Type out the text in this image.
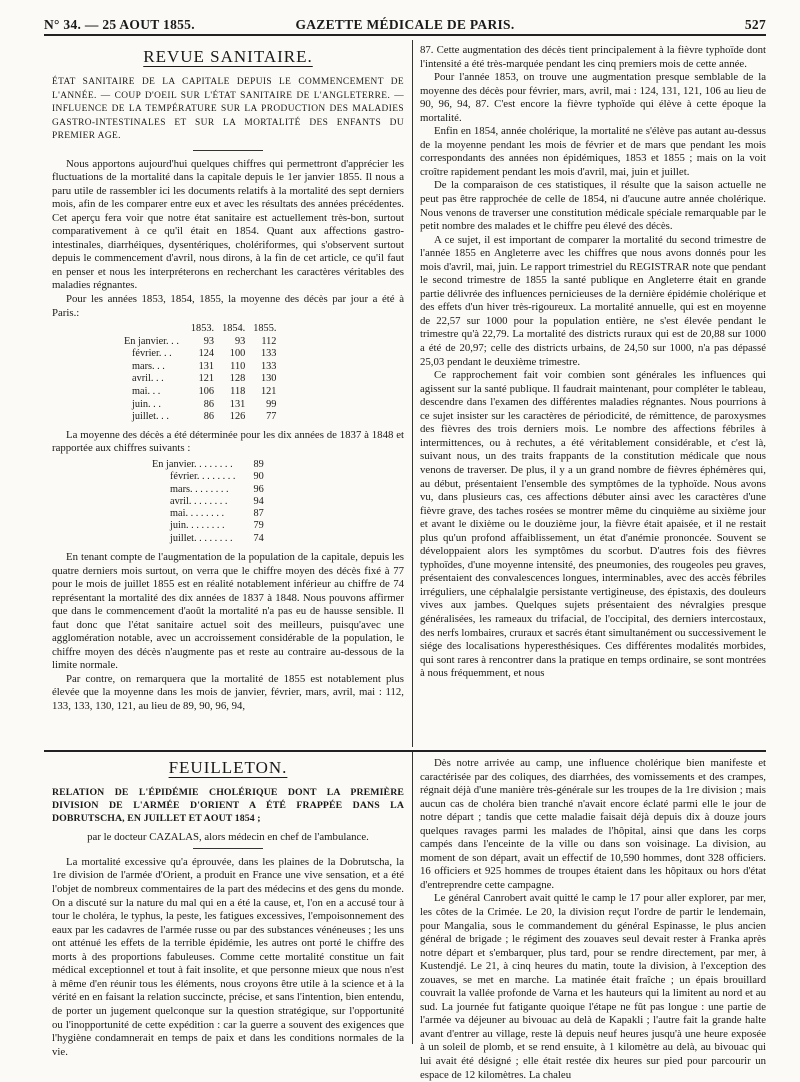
N° 34. — 25 AOUT 1855.	GAZETTE MÉDICALE DE PARIS.	527
REVUE SANITAIRE.
ÉTAT SANITAIRE DE LA CAPITALE DEPUIS LE COMMENCEMENT DE L'ANNÉE. — COUP D'OEIL SUR L'ÉTAT SANITAIRE DE L'ANGLETERRE. — INFLUENCE DE LA TEMPÉRATURE SUR LA PRODUCTION DES MALADIES GASTRO-INTESTINALES ET SUR LA MORTALITÉ DES ENFANTS DU PREMIER AGE.

Nous apportons aujourd'hui quelques chiffres qui permettront d'apprécier les fluctuations de la mortalité dans la capitale depuis le 1er janvier 1855. Il nous a paru utile de rassembler ici les documents relatifs à la mortalité des sept derniers mois, afin de les comparer entre eux et avec les résultats des années précédentes. Cet aperçu fera voir que notre état sanitaire est actuellement très-bon, surtout comparativement à ce qu'il était en 1854. Quant aux affections gastro-intestinales, diarrhéiques, dysentériques, cholériformes, qui s'observent surtout depuis le commencement d'avril, nous dirons, à la fin de cet article, ce qu'il faut en penser et nous les interpréterons en recherchant les caractères véritables des maladies régnantes.

Pour les années 1853, 1854, 1855, la moyenne des décès par jour a été à Paris.:

	1853.	1854.	1855.
En janvier. . .	93	93	112
février. . .	124	100	133
mars. . .	131	110	133
avril. . .	121	128	130
mai. . .	106	118	121
juin. . .	86	131	99
juillet. . .	86	126	77

La moyenne des décès a été déterminée pour les dix années de 1837 à 1848 et rapportée aux chiffres suivants :

En janvier. . . . . . . .	89
février. . . . . . . .	90
mars. . . . . . . .	96
avril. . . . . . . .	94
mai. . . . . . . .	87
juin. . . . . . . .	79
juillet. . . . . . . .	74

En tenant compte de l'augmentation de la population de la capitale, depuis les quatre derniers mois surtout, on verra que le chiffre moyen des décès fixé à 77 pour le mois de juillet 1855 est en réalité notablement inférieur au chiffre de 74 représentant la mortalité des dix années de 1837 à 1848. Nous pouvons affirmer que dans le commencement d'août la mortalité n'a pas eu de hausse sensible. Il faut donc que l'état sanitaire actuel soit des meilleurs, puisqu'avec une agglomération notable, avec un accroissement considérable de la population, le chiffre moyen des décès n'augmente pas et reste au contraire au-dessous de la limite normale.

Par contre, on remarquera que la mortalité de 1855 est notablement plus élevée que la moyenne dans les mois de janvier, février, mars, avril, mai : 112, 133, 133, 130, 121, au lieu de 89, 90, 96, 94,

87. Cette augmentation des décès tient principalement à la fièvre typhoïde dont l'intensité a été très-marquée pendant les cinq premiers mois de cette année.

Pour l'année 1853, on trouve une augmentation presque semblable de la moyenne des décès pour février, mars, avril, mai : 124, 131, 121, 106 au lieu de 90, 96, 94, 87. C'est encore la fièvre typhoïde qui élève à cette époque la mortalité.

Enfin en 1854, année cholérique, la mortalité ne s'élève pas autant au-dessus de la moyenne pendant les mois de février et de mars que pendant les mois correspondants des années non épidémiques, 1853 et 1855 ; mais on la voit croître rapidement pendant les mois d'avril, mai, juin et juillet.

De la comparaison de ces statistiques, il résulte que la saison actuelle ne peut pas être rapprochée de celle de 1854, ni d'aucune autre année cholérique. Nous venons de traverser une constitution médicale spéciale remarquable par le petit nombre des malades et le chiffre peu élevé des décès.

A ce sujet, il est important de comparer la mortalité du second trimestre de l'année 1855 en Angleterre avec les chiffres que nous avons donnés pour les mois d'avril, mai, juin. Le rapport trimestriel du REGISTRAR note que pendant le second trimestre de 1855 la santé publique en Angleterre était en grande partie délivrée des influences pernicieuses de la dernière épidémie cholérique et des effets d'un hiver très-rigoureux. La mortalité annuelle, qui est en moyenne de 22,57 sur 1000 pour la population entière, ne s'est élevée pendant le trimestre qu'à 22,79. La mortalité des districts ruraux qui est de 20,88 sur 1000 a été de 20,97; celle des districts urbains, de 24,50 sur 1000, n'a pas dépassé 25,03 pendant le deuxième trimestre.

Ce rapprochement fait voir combien sont générales les influences qui agissent sur la santé publique. Il faudrait maintenant, pour compléter le tableau, descendre dans l'examen des différentes maladies régnantes. Nous pourrions à ce sujet insister sur les caractères de périodicité, de rémittence, de paroxysmes des fièvres des trois derniers mois. Le nombre des affections fébriles à intermittences, ou à rechutes, a été véritablement considérable, et c'est là, suivant nous, un des traits frappants de la constitution médicale que nous venons de traverser. De plus, il y a un grand nombre de fièvres éphémères qui, au début, présentaient l'ensemble des symptômes de la typhoïde. Nous avons vu, dans plusieurs cas, ces affections débuter ainsi avec les caractères d'une fièvre grave, des taches rosées se montrer même du cinquième au sixième jour et avant le dixième ou le douzième jour, la fièvre était apaisée, et il ne restait plus qu'un profond affaiblissement, un état d'anémie prononcée. Souvent se développaient alors les symptômes du scorbut. D'autres fois des fièvres typhoïdes, d'une moyenne intensité, des pneumonies, des rougeoles peu graves, présentaient des convalescences longues, interminables, avec des accès fébriles irréguliers, une céphalalgie persistante vertigineuse, des épistaxis, des douleurs vives aux jambes. Quelques sujets présentaient des névralgies presque généralisées, les rameaux du trifacial, de l'occipital, des derniers intercostaux, des nerfs lombaires, cruraux et sacrés étant simultanément ou successivement le siége des localisations hyperesthésiques. Ces différentes modalités morbides, qui sont rares à rencontrer dans la pratique en temps ordinaire, se sont montrées à nous fréquemment, et nous

FEUILLETON.
RELATION DE L'ÉPIDÉMIE CHOLÉRIQUE DONT LA PREMIÈRE DIVISION DE L'ARMÉE D'ORIENT A ÉTÉ FRAPPÉE DANS LA DOBRUTSCHA, EN JUILLET ET AOUT 1854 ;

par le docteur CAZALAS, alors médecin en chef de l'ambulance.

La mortalité excessive qu'a éprouvée, dans les plaines de la Dobrutscha, la 1re division de l'armée d'Orient, a produit en France une vive sensation, et a été l'objet de nombreux commentaires de la part des médecins et des gens du monde. On a discuté sur la nature du mal qui en a été la cause, et, l'on en a accusé tour à tour le choléra, le typhus, la peste, les fatigues excessives, l'empoisonnement des eaux par les cadavres de l'armée russe ou par des substances vénéneuses ; les uns ont atténué les effets de la terrible épidémie, les autres ont porté le chiffre des morts à des proportions fabuleuses. Comme cette mortalité constitue un fait médical exceptionnel et tout à fait insolite, et que personne mieux que nous n'est à même d'en réunir tous les éléments, nous croyons être utile à la science et à la vérité en en faisant la relation succincte, précise, et sans l'intention, bien entendu, de porter un jugement quelconque sur la question stratégique, sur l'opportunité ou l'inopportunité de cette expédition : car la guerre a souvent des exigences que l'hygiène condamnerait en temps de paix et dans les conditions normales de la vie.

Dès notre arrivée au camp, une influence cholérique bien manifeste et caractérisée par des coliques, des diarrhées, des vomissements et des crampes, régnait déjà d'une manière très-générale sur les troupes de la 1re division ; mais aucun cas de choléra bien tranché n'avait encore éclaté parmi elle le jour de notre départ ; tandis que cette maladie faisait déjà depuis dix à douze jours quelques ravages parmi les malades de l'hôpital, ainsi que dans les corps campés dans l'enceinte de la ville ou dans son voisinage. La division, au moment de son départ, avait un effectif de 10,590 hommes, dont 328 officiers. 16 officiers et 925 hommes de troupes étaient dans les hôpitaux ou hors d'état d'entreprendre cette campagne.

Le général Canrobert avait quitté le camp le 17 pour aller explorer, par mer, les côtes de la Crimée. Le 20, la division reçut l'ordre de partir le lendemain, pour Mangalia, sous le commandement du général Espinasse, le plus ancien général de brigade ; le régiment des zouaves seul devait rester à Franka après notre départ et s'embarquer, plus tard, pour se rendre directement, par mer, à Kustendjé. Le 21, à cinq heures du matin, toute la division, à l'exception des zouaves, se met en marche. La matinée était fraîche ; un épais brouillard couvrait la vallée profonde de Varna et les hauteurs qui la limitent au nord et au sud. La journée fut fatigante quoique l'étape ne fût pas longue : une partie de l'armée va déjeuner au bivouac au delà de Kapakli ; l'autre fait la grande halte avant d'entrer au village, reste là depuis neuf heures jusqu'à une heure exposée à un soleil de plomb, et se rend ensuite, à 1 kilomètre au delà, au bivouac qui lui avait été désigné ; elle était restée dix heures sur pied pour parcourir un espace de 12 kilomètres. La chaleu
